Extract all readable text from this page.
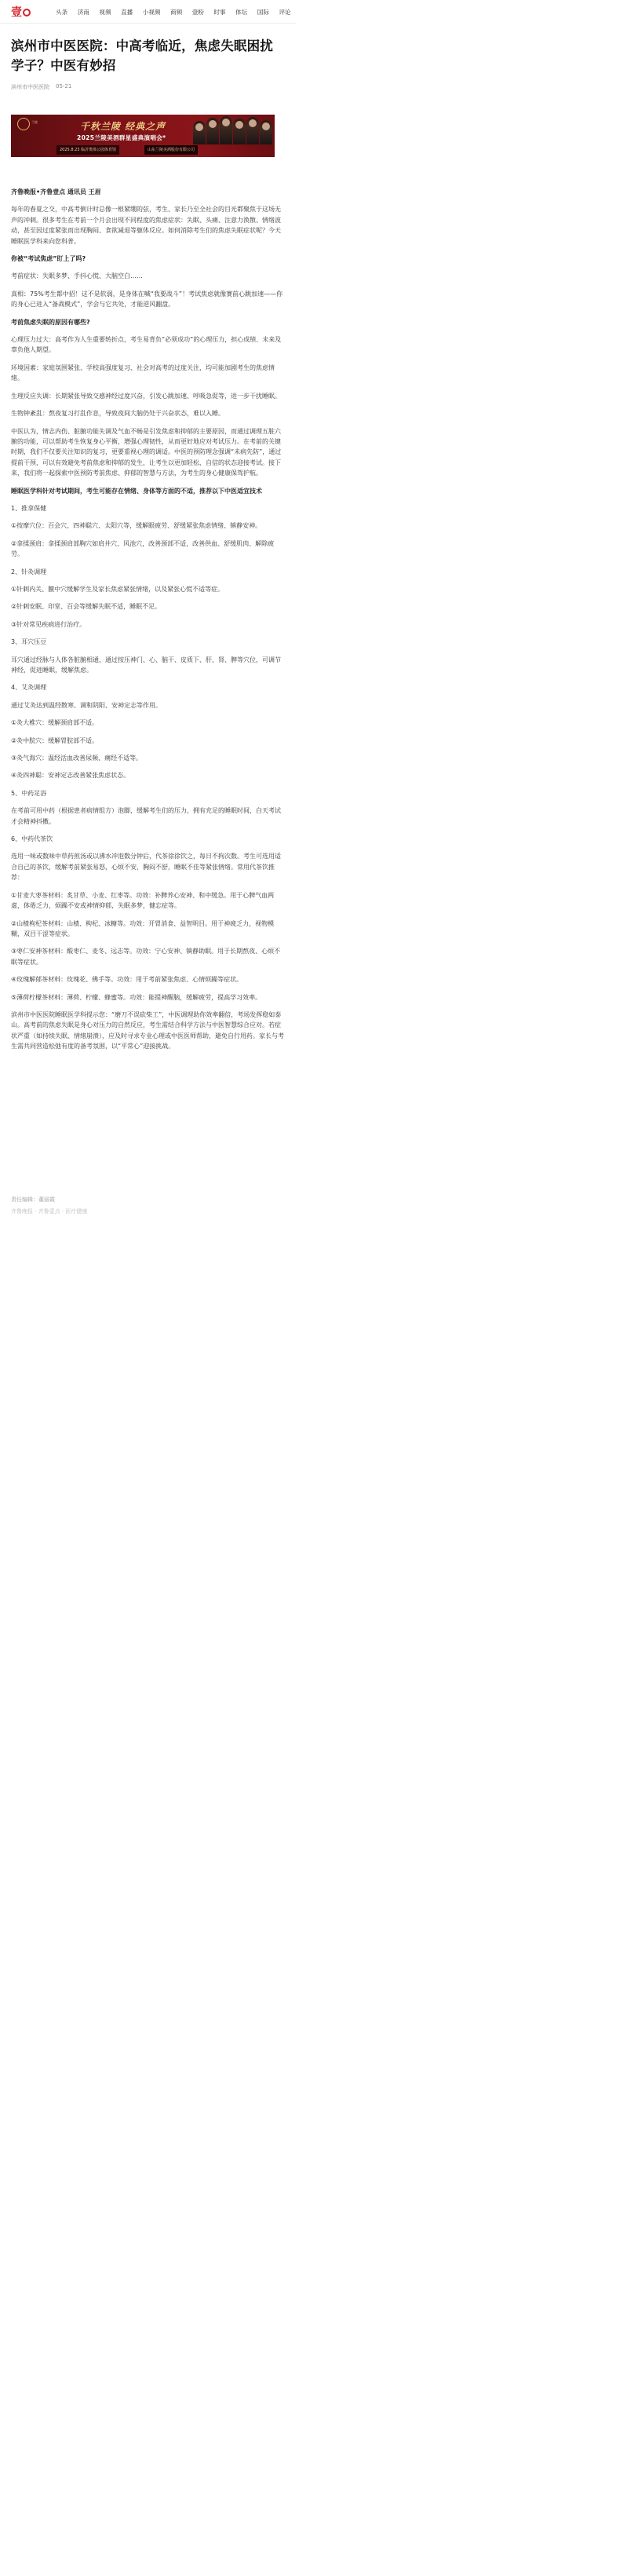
壹	头条 济南 视频 直播 小视频 商频 壹粉 时事 体坛 国际 评论
滨州市中医医院：中高考临近，焦虑失眠困扰学子？中医有妙招
滨州市中医医院 05-21
兰陵	千秋兰陵 经典之声
2025兰陵美酒群星盛典演唱会*
2025.8.23 临沂奥体公园体育馆	山东兰陵美酒股份有限公司

齐鲁晚报•齐鲁壹点 通讯员 王眉

每年的春夏之交，中高考倒计时总像一根紧绷的弦，考生、家长乃至全社会的目光都聚焦于这场无声的冲刺。很多考生在考前一个月会出现不同程度的焦虑症状：失眠、头痛、注意力涣散、情绪波动，甚至因过度紧张而出现胸闷、食欲减退等躯体反应。如何消除考生们的焦虑失眠症状呢？今天睡眠医学科来向您科普。

你被“考试焦虑”盯上了吗?

考前症状：失眠多梦、手抖心慌、大脑空白……

真相：75%考生都中招！这不是软弱，是身体在喊“我要战斗”！考试焦虑就像赛前心跳加速——你的身心已进入“备战模式”，学会与它共处，才能逆风翻盘。

考前焦虑失眠的原因有哪些?

心理压力过大：高考作为人生重要转折点，考生易背负“必须成功”的心理压力，担心成绩、未来及辜负他人期望。

环境因素：家庭氛围紧张、学校高强度复习、社会对高考的过度关注，均可能加剧考生的焦虑情绪。

生理反应失调：长期紧张导致交感神经过度兴奋，引发心跳加速、呼吸急促等，进一步干扰睡眠。

生物钟紊乱：熬夜复习打乱作息，导致夜间大脑仍处于兴奋状态，难以入睡。

中医认为，情志内伤、脏腑功能失调及气血不畅是引发焦虑和抑郁的主要原因，而通过调理五脏六腑的功能，可以帮助考生恢复身心平衡，增强心理韧性，从而更好地应对考试压力。在考前的关键时期，我们不仅要关注知识的复习，更要重视心理的调适。中医的预防理念强调“未病先防”，通过提前干预，可以有效避免考前焦虑和抑郁的发生，让考生以更加轻松、自信的状态迎接考试。接下来，我们将一起探索中医预防考前焦虑、抑郁的智慧与方法，为考生的身心健康保驾护航。

睡眠医学科针对考试期间，考生可能存在情绪、身体等方面的不适，推荐以下中医适宜技术

1、推拿保健

①按摩穴位：百会穴、四神聪穴、太阳穴等，缓解眼疲劳、舒缓紧张焦虑情绪、镇静安神。

②拿揉颈肩：拿揉颈肩部胸穴如肩井穴、风池穴，改善颈部不适，改善供血、舒缓肌肉、解除疲劳。

2、针灸调理

①针刺内关、膻中穴缓解学生及家长焦虑紧张情绪，以及紧张心慌不适等症。

②针刺安眠、印堂、百会等缓解失眠不适，睡眠不足。

③针对常见疾病进行治疗。

3、耳穴压豆

耳穴通过经脉与人体各脏腑相通，通过按压神门、心、脑干、皮质下、肝、肾、脾等穴位，可调节神经，促进睡眠，缓解焦虑。

4、艾灸调理

通过艾灸达到温经散寒、调和阴阳、安神定志等作用。

①灸大椎穴：缓解颈肩部不适。

②灸中脘穴：缓解胃脘部不适。

③灸气海穴：温经活血改善尿频、痛经不适等。

④灸四神聪：安神定志改善紧张焦虑状态。

5、中药足浴

在考前可用中药（根据患者病情组方）泡脚，缓解考生们的压力，拥有充足的睡眠时间，白天考试才会精神抖擞。

6、中药代茶饮

选用一味或数味中草药煎汤或以沸水冲泡数分钟后，代茶徐徐饮之，每日不拘次数。考生可选用适合自己的茶饮，缓解考前紧张易怒，心烦不安，胸闷不舒，睡眠不佳等紧张情绪。常用代茶饮推荐：

①甘麦大枣茶材料：炙甘草、小麦、红枣等。功效：补脾养心安神、和中缓急。用于心脾气血两虚，体倦乏力，烦躁不安或神情抑郁，失眠多梦，健忘症等。

②山楂枸杞茶材料：山楂、枸杞、冰糖等。功效：开胃消食、益智明目。用于神疲乏力，视物模糊，双目干涩等症状。

③枣仁安神茶材料：酸枣仁、麦冬、远志等。功效：宁心安神、镇静助眠。用于长期熬夜、心烦不眠等症状。

④玫瑰解郁茶材料：玫瑰花、佛手等。功效：用于考前紧张焦虑、心情烦躁等症状。

⑤薄荷柠檬茶材料：薄荷、柠檬、蜂蜜等。功效：能提神醒脑，缓解疲劳，提高学习效率。

滨州市中医医院睡眠医学科提示您：“磨刀不误砍柴工”，中医调理助你效率翻倍，考场发挥稳如泰山。高考前的焦虑失眠是身心对压力的自然反应，考生需结合科学方法与中医智慧综合应对。若症状严重（如持续失眠、情绪崩溃），应及时寻求专业心理或中医医师帮助，避免自行用药。家长与考生需共同营造松弛有度的备考氛围，以“平常心”迎接挑战。

责任编辑：董丽霞
齐鲁晚报 · 齐鲁壹点 · 医疗健康
